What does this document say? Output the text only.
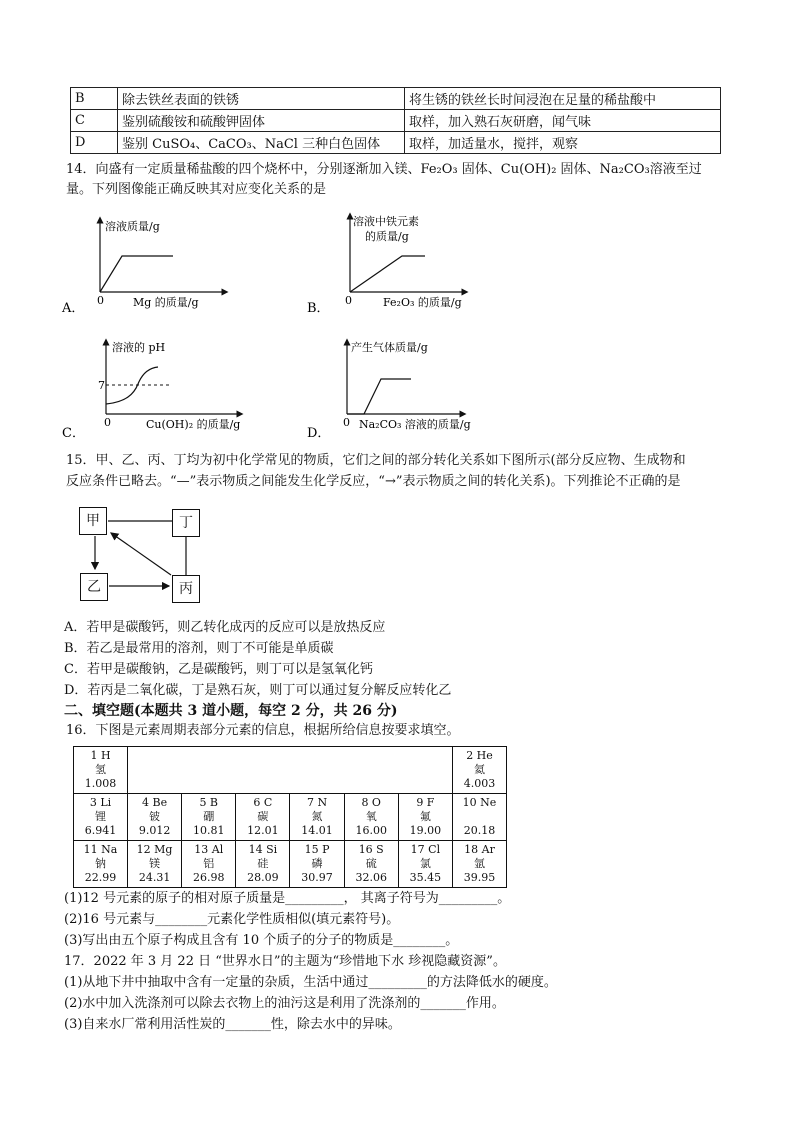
B	除去铁丝表面的铁锈	将生锈的铁丝长时间浸泡在足量的稀盐酸中
C	鉴别硫酸铵和硫酸钾固体	取样，加入熟石灰研磨，闻气味
D	鉴别 CuSO₄、CaCO₃、NaCl 三种白色固体	取样，加适量水，搅拌，观察
14．向盛有一定质量稀盐酸的四个烧杯中，分别逐渐加入镁、Fe₂O₃ 固体、Cu(OH)₂ 固体、Na₂CO₃溶液至过
量。下列图像能正确反映其对应变化关系的是
溶液质量/g
0	Mg 的质量/g
A．
溶液中铁元素
的质量/g
0	Fe₂O₃ 的质量/g
B．
溶液的 pH
7
0	Cu(OH)₂ 的质量/g
C．
产生气体质量/g
0 Na₂CO₃ 溶液的质量/g
D．
15．甲、乙、丙、丁均为初中化学常见的物质，它们之间的部分转化关系如下图所示(部分反应物、生成物和
反应条件已略去。“—”表示物质之间能发生化学反应，“→”表示物质之间的转化关系)。下列推论不正确的是
甲	丁
乙	丙
A．若甲是碳酸钙，则乙转化成丙的反应可以是放热反应
B．若乙是最常用的溶剂，则丁不可能是单质碳
C．若甲是碳酸钠，乙是碳酸钙，则丁可以是氢氧化钙
D．若丙是二氧化碳，丁是熟石灰，则丁可以通过复分解反应转化乙
二、填空题(本题共 3 道小题，每空 2 分，共 26 分)
16．下图是元素周期表部分元素的信息，根据所给信息按要求填空。
1 H
氢
1.008							2 He
氦
4.003

3 Li
锂
6.941	4 Be
铍
9.012	5 B
硼
10.81	6 C
碳
12.01	7 N
氮
14.01	8 O
氧
16.00	9 F
氟
19.00	10 Ne
20.18

11 Na
钠
22.99	12 Mg
镁
24.31	13 Al
铝
26.98	14 Si
硅
28.09	15 P
磷
30.97	16 S
硫
32.06	17 Cl
氯
35.45	18 Ar
氩
39.95
(1)12 号元素的原子的相对原子质量是_________， 其离子符号为_________。
(2)16 号元素与________元素化学性质相似(填元素符号)。
(3)写出由五个原子构成且含有 10 个质子的分子的物质是________。
17．2022 年 3 月 22 日 “世界水日”的主题为“珍惜地下水 珍视隐藏资源”。
(1)从地下井中抽取中含有一定量的杂质，生活中通过_________的方法降低水的硬度。
(2)水中加入洗涤剂可以除去衣物上的油污这是利用了洗涤剂的_______作用。
(3)自来水厂常利用活性炭的_______性，除去水中的异味。
